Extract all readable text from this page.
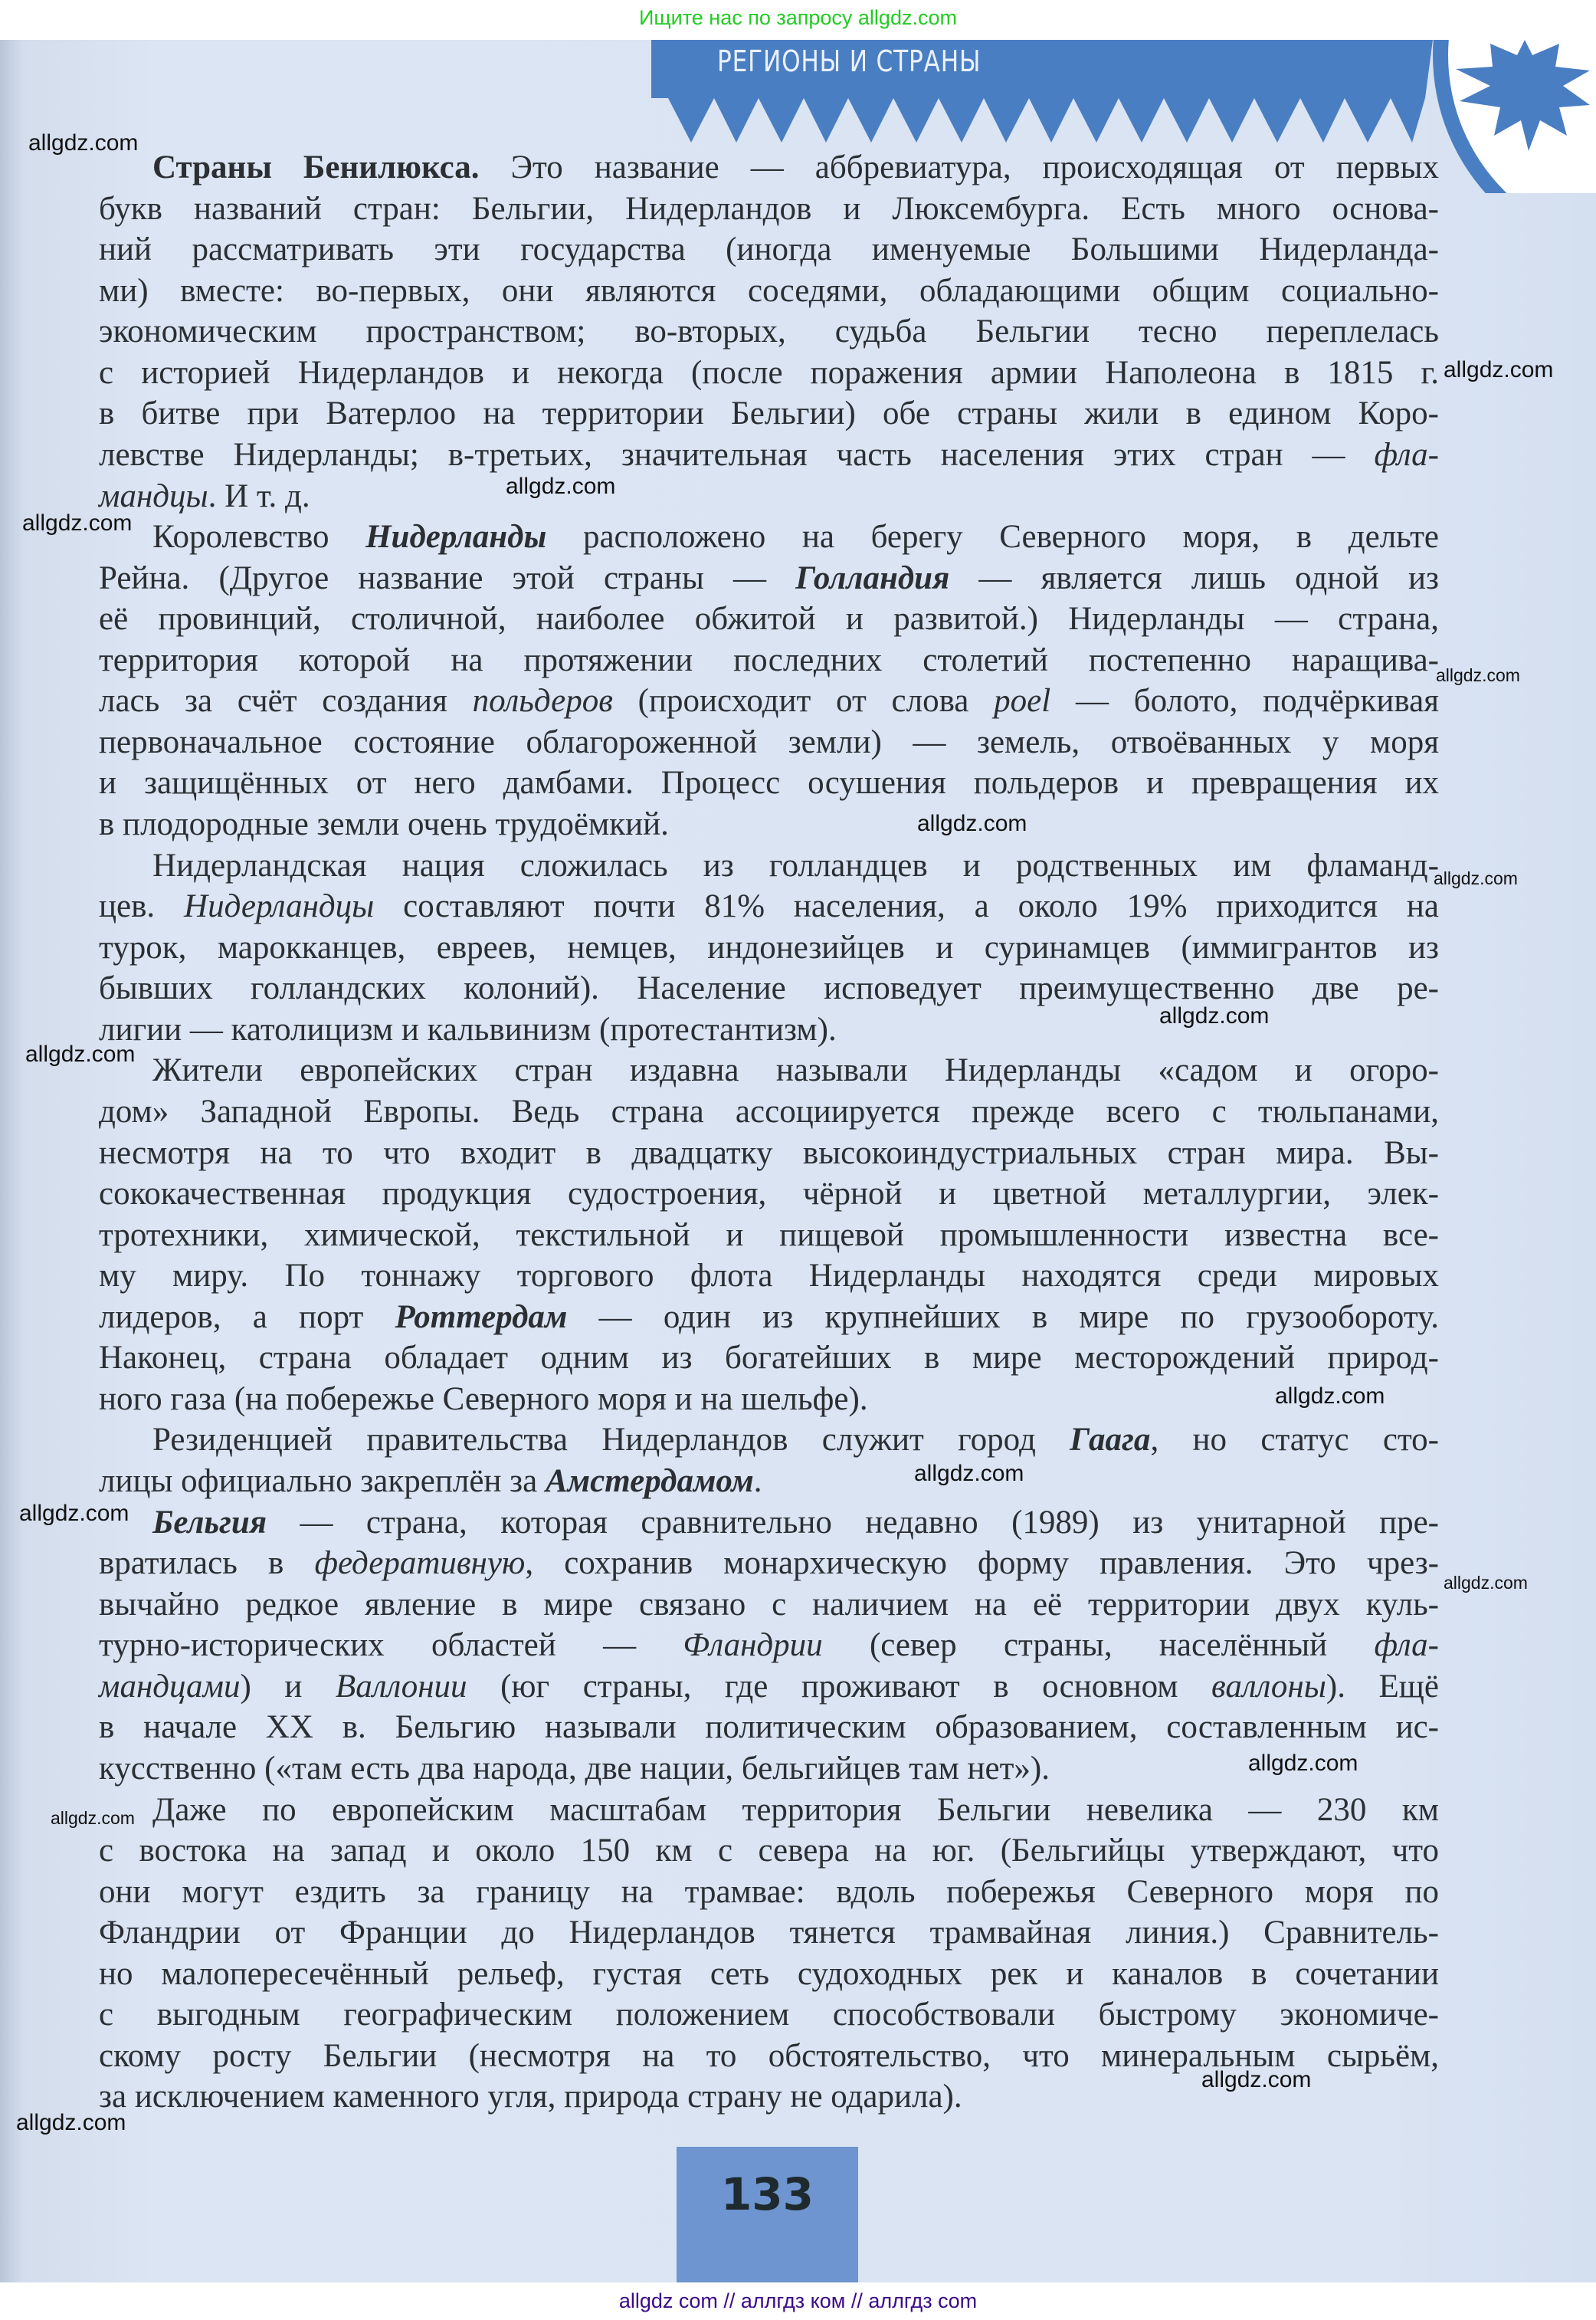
Ищите нас по запросу allgdz.com
РЕГИОНЫ И СТРАНЫ
Страны Бенилюкса. Это название — аббревиатура, происходящая от первых
букв названий стран: Бельгии, Нидерландов и Люксембурга. Есть много основа-
ний рассматривать эти государства (иногда именуемые Большими Нидерланда-
ми) вместе: во-первых, они являются соседями, обладающими общим социально-
экономическим пространством; во-вторых, судьба Бельгии тесно переплелась
с историей Нидерландов и некогда (после поражения армии Наполеона в 1815 г.
в битве при Ватерлоо на территории Бельгии) обе страны жили в едином Коро-
левстве Нидерланды; в-третьих, значительная часть населения этих стран — фла-
мандцы. И т. д.
Королевство Нидерланды расположено на берегу Северного моря, в дельте
Рейна. (Другое название этой страны — Голландия — является лишь одной из
её провинций, столичной, наиболее обжитой и развитой.) Нидерланды — страна,
территория которой на протяжении последних столетий постепенно наращива-
лась за счёт создания польдеров (происходит от слова poel — болото, подчёркивая
первоначальное состояние облагороженной земли) — земель, отвоёванных у моря
и защищённых от него дамбами. Процесс осушения польдеров и превращения их
в плодородные земли очень трудоёмкий.
Нидерландская нация сложилась из голландцев и родственных им фламанд-
цев. Нидерландцы составляют почти 81% населения, а около 19% приходится на
турок, марокканцев, евреев, немцев, индонезийцев и суринамцев (иммигрантов из
бывших голландских колоний). Население исповедует преимущественно две ре-
лигии — католицизм и кальвинизм (протестантизм).
Жители европейских стран издавна называли Нидерланды «садом и огоро-
дом» Западной Европы. Ведь страна ассоциируется прежде всего с тюльпанами,
несмотря на то что входит в двадцатку высокоиндустриальных стран мира. Вы-
сококачественная продукция судостроения, чёрной и цветной металлургии, элек-
тротехники, химической, текстильной и пищевой промышленности известна все-
му миру. По тоннажу торгового флота Нидерланды находятся среди мировых
лидеров, а порт Роттердам — один из крупнейших в мире по грузообороту.
Наконец, страна обладает одним из богатейших в мире месторождений природ-
ного газа (на побережье Северного моря и на шельфе).
Резиденцией правительства Нидерландов служит город Гаага, но статус сто-
лицы официально закреплён за Амстердамом.
Бельгия — страна, которая сравнительно недавно (1989) из унитарной пре-
вратилась в федеративную, сохранив монархическую форму правления. Это чрез-
вычайно редкое явление в мире связано с наличием на её территории двух куль-
турно-исторических областей — Фландрии (север страны, населённый фла-
мандцами) и Валлонии (юг страны, где проживают в основном валлоны). Ещё
в начале XX в. Бельгию называли политическим образованием, составленным ис-
кусственно («там есть два народа, две нации, бельгийцев там нет»).
Даже по европейским масштабам территория Бельгии невелика — 230 км
с востока на запад и около 150 км с севера на юг. (Бельгийцы утверждают, что
они могут ездить за границу на трамвае: вдоль побережья Северного моря по
Фландрии от Франции до Нидерландов тянется трамвайная линия.) Сравнитель-
но малопересечённый рельеф, густая сеть судоходных рек и каналов в сочетании
с выгодным географическим положением способствовали быстрому экономиче-
скому росту Бельгии (несмотря на то обстоятельство, что минеральным сырьём,
за исключением каменного угля, природа страну не одарила).
allgdz.com
allgdz.com
allgdz.com
allgdz.com
allgdz.com
allgdz.com
allgdz.com
allgdz.com
allgdz.com
allgdz.com
allgdz.com
allgdz.com
allgdz.com
allgdz.com
allgdz.com
allgdz.com
allgdz.com
133
allgdz com // аллгдз ком // аллгдз com
